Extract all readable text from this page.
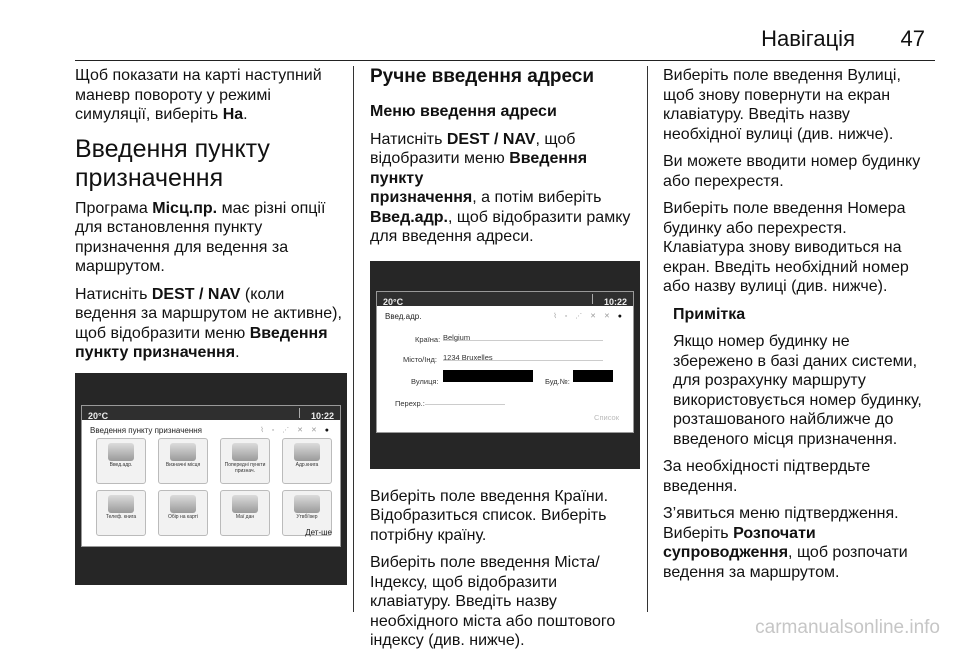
Навігація 47

Щоб показати на карті наступний
маневр повороту у режимі
симуляції, виберіть На.

Введення пункту
призначення

Програма Місц.пр. має різні опції
для встановлення пункту
призначення для ведення за
маршрутом.

Натисніть DEST / NAV (коли
ведення за маршрутом не активне),
щоб відобразити меню Введення
пункту призначення.

20°C	10:22
Введення пункту призначення	⌇ ▫ ⋰ ✕ ✕ ●
Введ.адр.	Визначні місця	Попередні пункти признач.
Адр.книга
Телеф. книга	Обір на карті	Маї дан	Утвбі'вер
Дет-ше
Ручне введення адреси

Меню введення адреси

Натисніть DEST / NAV, щоб
відобразити меню Введення пункту
призначення, а потім виберіть
Введ.адр., щоб відобразити рамку
для введення адреси.

20°C	10:22
Введ.адр.	⌇ ▫ ⋰ ✕ ✕ ●
Країна: Belgium
Місто/Інд: 1234 Bruxelles
Вулиця:	Буд.№:
Перехр.:
Список

Виберіть поле введення Країни.
Відобразиться список. Виберіть
потрібну країну.

Виберіть поле введення Міста/
Індексу, щоб відобразити
клавіатуру. Введіть назву
необхідного міста або поштового
індексу (див. нижче).

Виберіть поле введення Вулиці,
щоб знову повернути на екран
клавіатуру. Введіть назву
необхідної вулиці (див. нижче).

Ви можете вводити номер будинку
або перехрестя.

Виберіть поле введення Номера
будинку або перехрестя.
Клавіатура знову виводиться на
екран. Введіть необхідний номер
або назву вулиці (див. нижче).

Примітка

Якщо номер будинку не
збережено в базі даних системи,
для розрахунку маршруту
використовується номер будинку,
розташованого найближче до
введеного місця призначення.

За необхідності підтвердьте
введення.

З’явиться меню підтвердження.
Виберіть Розпочати
супроводження, щоб розпочати
ведення за маршрутом.

carmanualsonline.info
